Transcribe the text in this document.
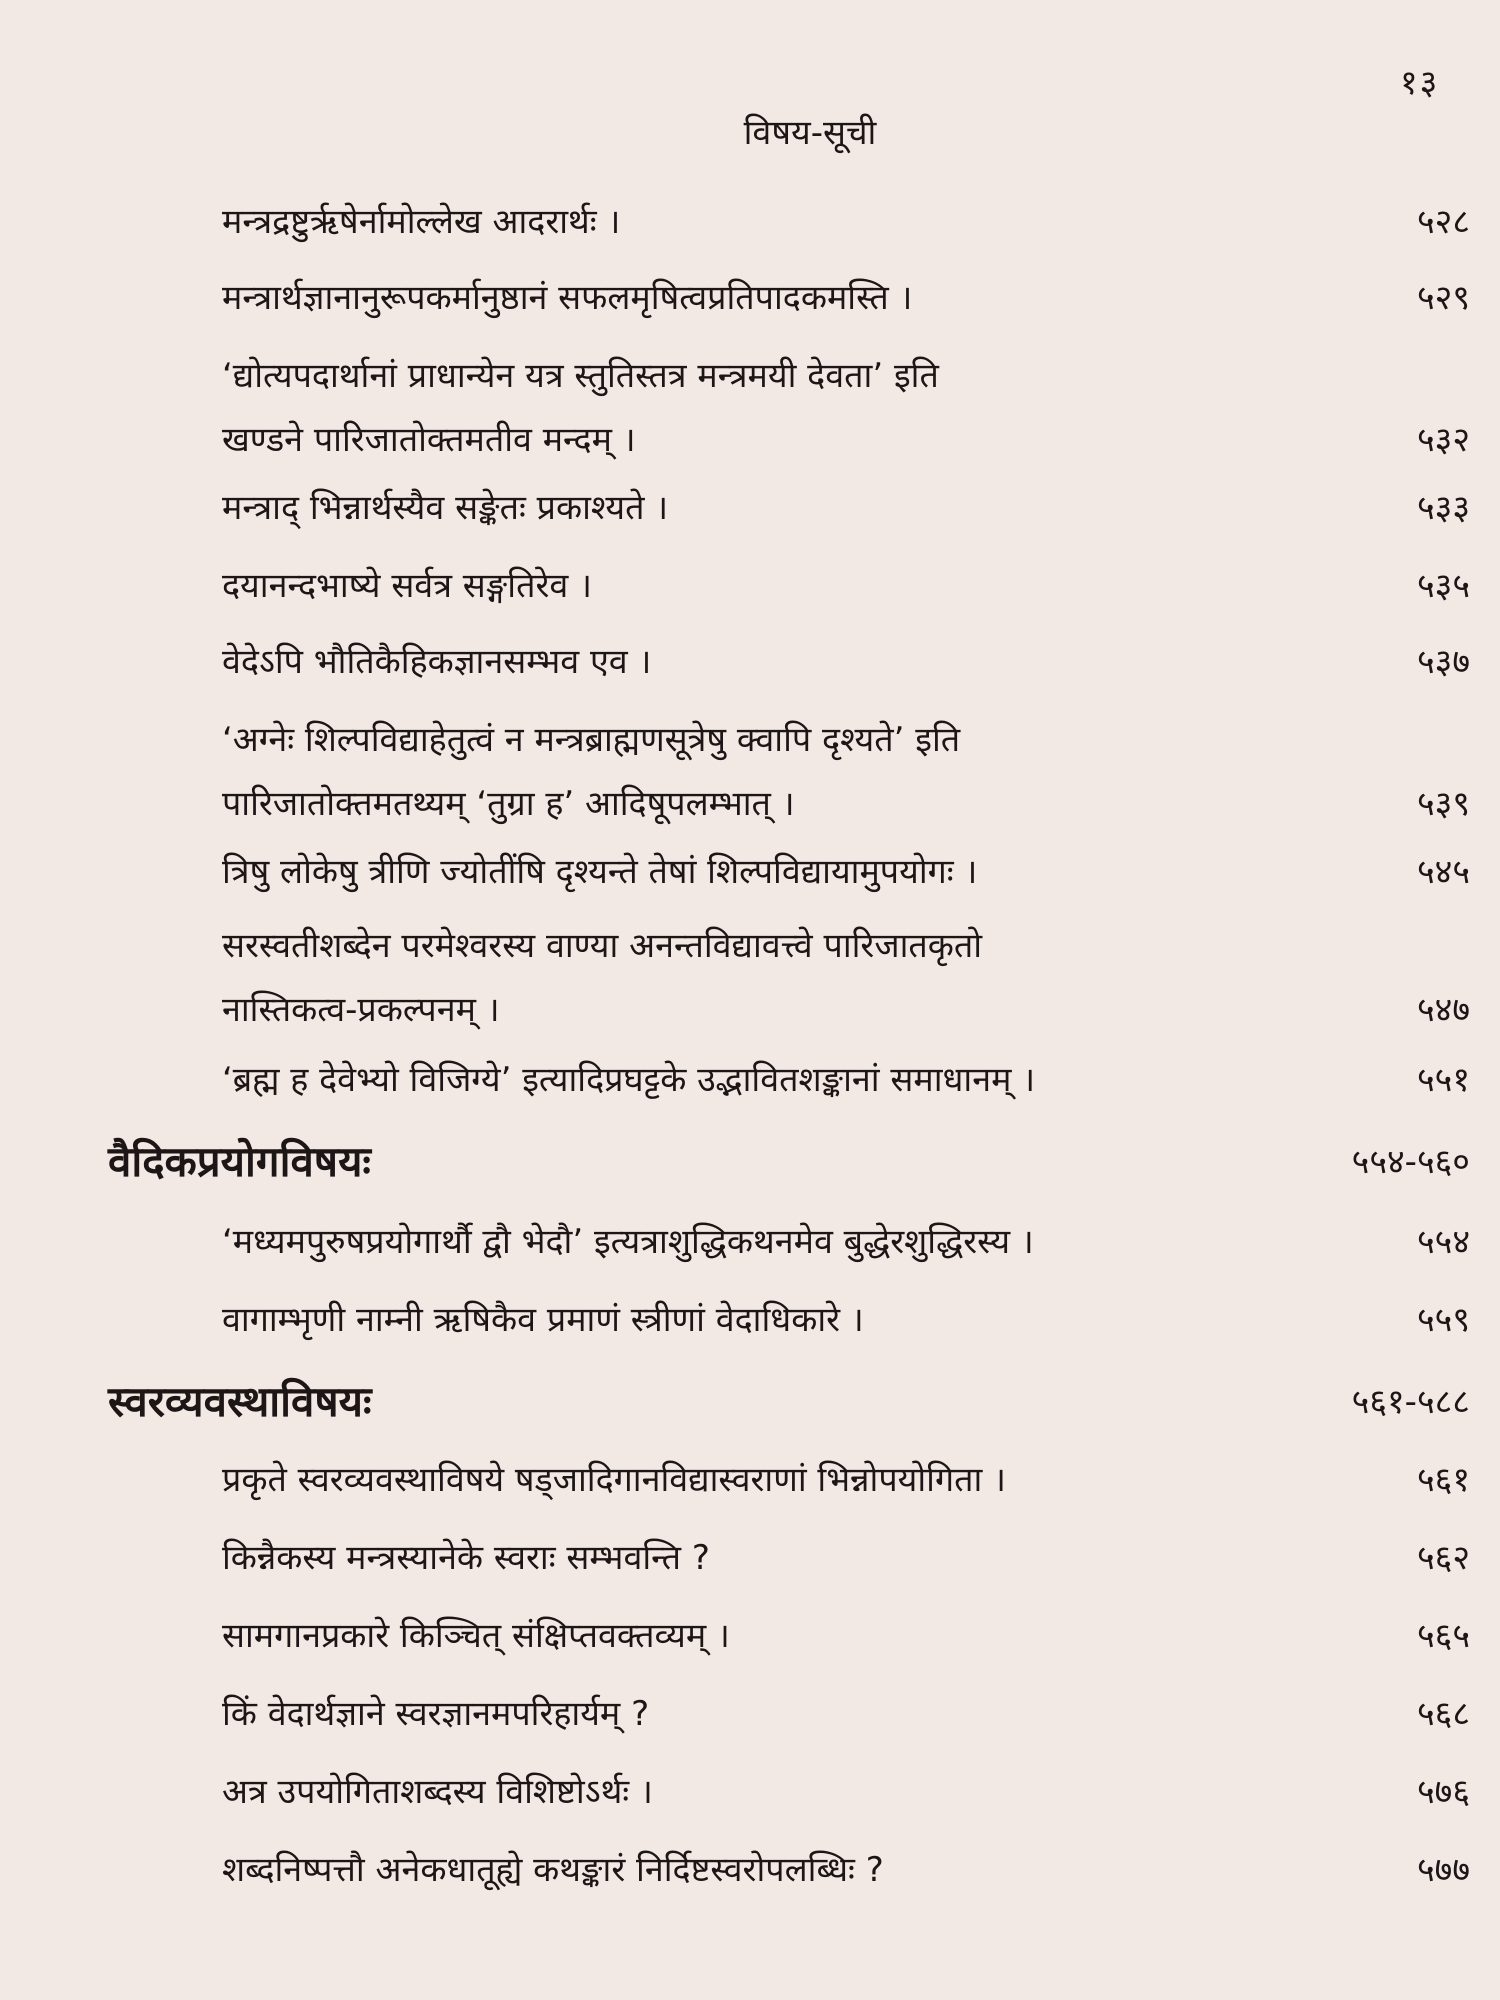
१३
विषय-सूची
मन्त्रद्रष्टुर्ऋषेर्नामोल्लेख आदरार्थः ।	५२८
मन्त्रार्थज्ञानानुरूपकर्मानुष्ठानं सफलमृषित्वप्रतिपादकमस्ति ।	५२९
‘द्योत्यपदार्थानां प्राधान्येन यत्र स्तुतिस्तत्र मन्त्रमयी देवता’ इति
खण्डने पारिजातोक्तमतीव मन्दम् ।	५३२
मन्त्राद् भिन्नार्थस्यैव सङ्केतः प्रकाश्यते ।	५३३
दयानन्दभाष्ये सर्वत्र सङ्गतिरेव ।	५३५
वेदेऽपि भौतिकैहिकज्ञानसम्भव एव ।	५३७
‘अग्नेः शिल्पविद्याहेतुत्वं न मन्त्रब्राह्मणसूत्रेषु क्वापि दृश्यते’ इति
पारिजातोक्तमतथ्यम् ‘तुग्रा ह’ आदिषूपलम्भात् ।	५३९
त्रिषु लोकेषु त्रीणि ज्योतींषि दृश्यन्ते तेषां शिल्पविद्यायामुपयोगः ।	५४५
सरस्वतीशब्देन परमेश्वरस्य वाण्या अनन्तविद्यावत्त्वे पारिजातकृतो
नास्तिकत्व-प्रकल्पनम् ।	५४७
‘ब्रह्म ह देवेभ्यो विजिग्ये’ इत्यादिप्रघट्टके उद्भावितशङ्कानां समाधानम् ।	५५१
वैदिकप्रयोगविषयः	५५४-५६०
‘मध्यमपुरुषप्रयोगार्थौ द्वौ भेदौ’ इत्यत्राशुद्धिकथनमेव बुद्धेरशुद्धिरस्य ।	५५४
वागाम्भृणी नाम्नी ऋषिकैव प्रमाणं स्त्रीणां वेदाधिकारे ।	५५९
स्वरव्यवस्थाविषयः	५६१-५८८
प्रकृते स्वरव्यवस्थाविषये षड्जादिगानविद्यास्वराणां भिन्नोपयोगिता ।	५६१
किन्नैकस्य मन्त्रस्यानेके स्वराः सम्भवन्ति ?	५६२
सामगानप्रकारे किञ्चित् संक्षिप्तवक्तव्यम् ।	५६५
किं वेदार्थज्ञाने स्वरज्ञानमपरिहार्यम् ?	५६८
अत्र उपयोगिताशब्दस्य विशिष्टोऽर्थः ।	५७६
शब्दनिष्पत्तौ अनेकधातूह्ये कथङ्कारं निर्दिष्टस्वरोपलब्धिः ?	५७७
